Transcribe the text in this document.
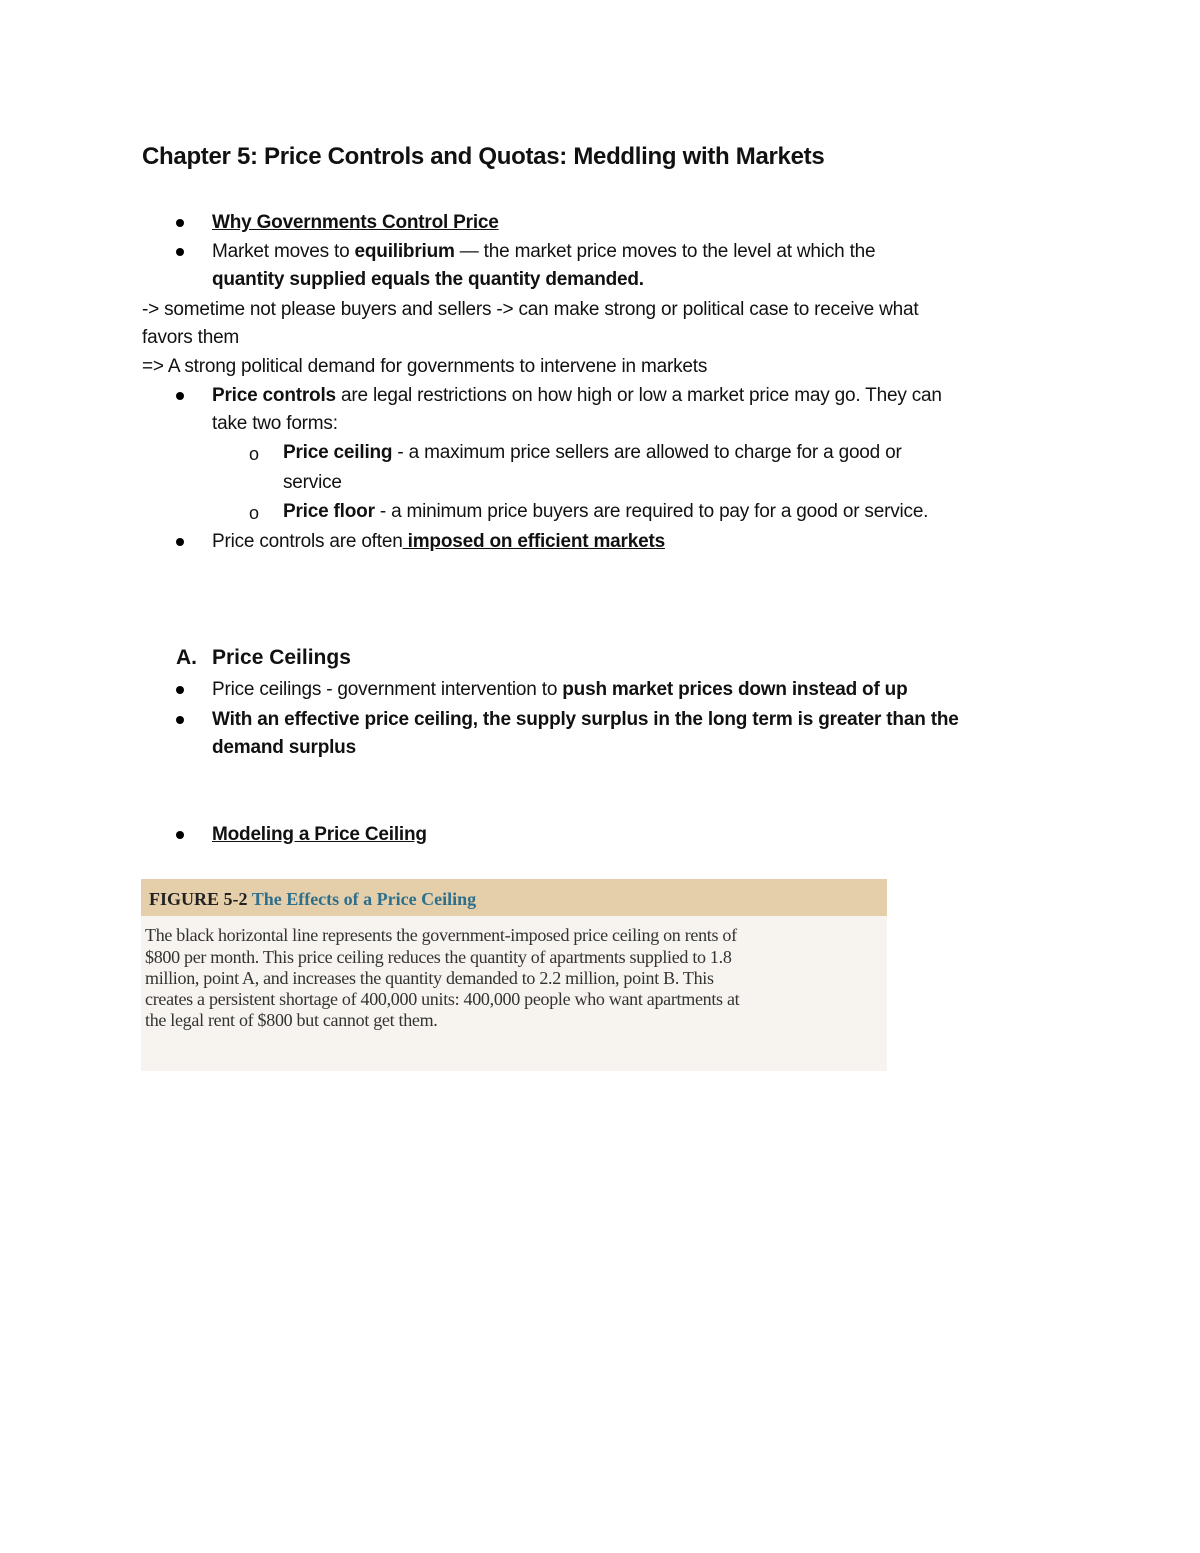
Chapter 5: Price Controls and Quotas: Meddling with Markets
Why Governments Control Price
Market moves to equilibrium — the market price moves to the level at which the
quantity supplied equals the quantity demanded.
-> sometime not please buyers and sellers -> can make strong or political case to receive what
favors them
=> A strong political demand for governments to intervene in markets
Price controls are legal restrictions on how high or low a market price may go. They can
take two forms:
o Price ceiling - a maximum price sellers are allowed to charge for a good or
service
o Price floor - a minimum price buyers are required to pay for a good or service.
Price controls are often imposed on efficient markets
A. Price Ceilings
Price ceilings - government intervention to push market prices down instead of up
With an effective price ceiling, the supply surplus in the long term is greater than the
demand surplus
Modeling a Price Ceiling
FIGURE 5-2 The Effects of a Price Ceiling
The black horizontal line represents the government-imposed price ceiling on rents of
$800 per month. This price ceiling reduces the quantity of apartments supplied to 1.8
million, point A, and increases the quantity demanded to 2.2 million, point B. This
creates a persistent shortage of 400,000 units: 400,000 people who want apartments at
the legal rent of $800 but cannot get them.
